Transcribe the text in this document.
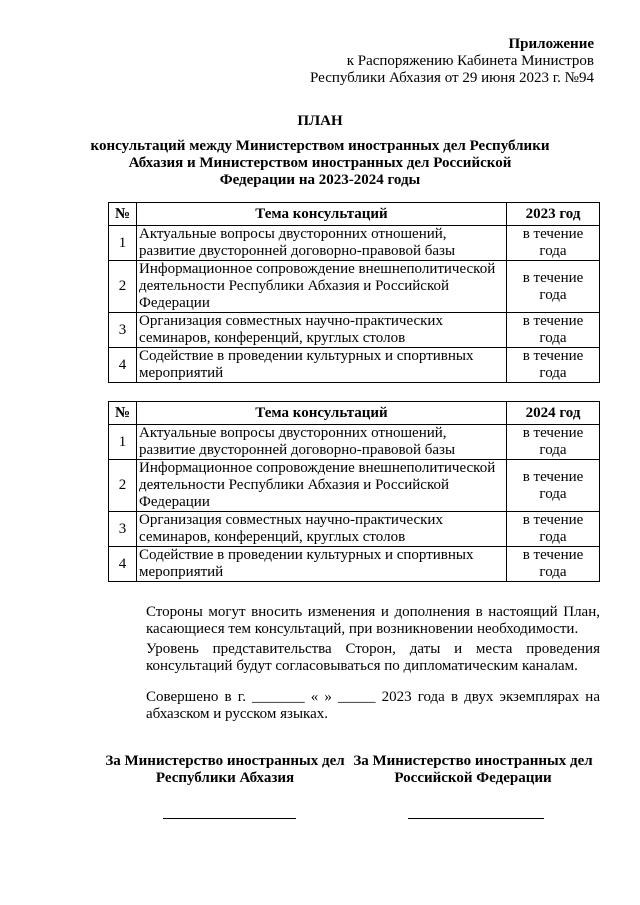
Приложение
к Распоряжению Кабинета Министров
Республики Абхазия от 29 июня 2023 г. №94
ПЛАН
консультаций между Министерством иностранных дел Республики Абхазия и Министерством иностранных дел Российской Федерации на 2023-2024 годы
№	Тема консультаций	2023 год
1	Актуальные вопросы двусторонних отношений, развитие двусторонней договорно-правовой базы	в течение года
2	Информационное сопровождение внешнеполитической деятельности Республики Абхазия и Российской Федерации	в течение года
3	Организация совместных научно-практических семинаров, конференций, круглых столов	в течение года
4	Содействие в проведении культурных и спортивных мероприятий	в течение года
№	Тема консультаций	2024 год
1	Актуальные вопросы двусторонних отношений, развитие двусторонней договорно-правовой базы	в течение года
2	Информационное сопровождение внешнеполитической деятельности Республики Абхазия и Российской Федерации	в течение года
3	Организация совместных научно-практических семинаров, конференций, круглых столов	в течение года
4	Содействие в проведении культурных и спортивных мероприятий	в течение года
Стороны могут вносить изменения и дополнения в настоящий План, касающиеся тем консультаций, при возникновении необходимости.
Уровень представительства Сторон, даты и места проведения консультаций будут согласовываться по дипломатическим каналам.
Совершено в г. _______ « » _____ 2023 года в двух экземплярах на абхазском и русском языках.
За Министерство иностранных дел
Республики Абхазия
За Министерство иностранных дел
Российской Федерации
